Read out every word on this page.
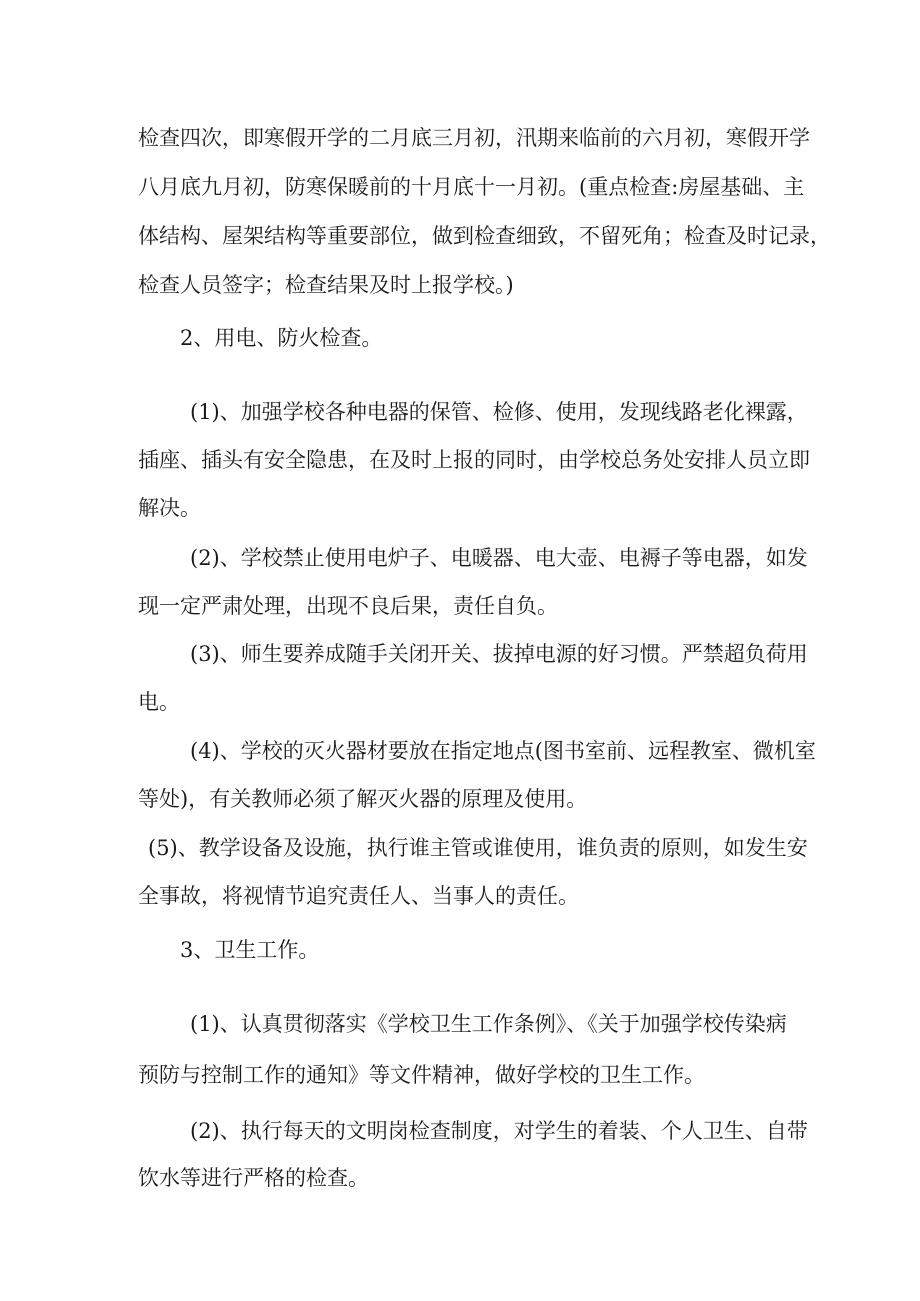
检查四次，即寒假开学的二月底三月初，汛期来临前的六月初，寒假开学

八月底九月初，防寒保暖前的十月底十一月初。(重点检查:房屋基础、主

体结构、屋架结构等重要部位，做到检查细致，不留死角；检查及时记录，

检查人员签字；检查结果及时上报学校。)

2、用电、防火检查。

(1)、加强学校各种电器的保管、检修、使用，发现线路老化裸露，

插座、插头有安全隐患，在及时上报的同时，由学校总务处安排人员立即

解决。

(2)、学校禁止使用电炉子、电暖器、电大壶、电褥子等电器，如发

现一定严肃处理，出现不良后果，责任自负。

(3)、师生要养成随手关闭开关、拔掉电源的好习惯。严禁超负荷用

电。

(4)、学校的灭火器材要放在指定地点(图书室前、远程教室、微机室

等处)，有关教师必须了解灭火器的原理及使用。

(5)、教学设备及设施，执行谁主管或谁使用，谁负责的原则，如发生安

全事故，将视情节追究责任人、当事人的责任。

3、卫生工作。

(1)、认真贯彻落实《学校卫生工作条例》、《关于加强学校传染病

预防与控制工作的通知》等文件精神，做好学校的卫生工作。

(2)、执行每天的文明岗检查制度，对学生的着装、个人卫生、自带

饮水等进行严格的检查。
